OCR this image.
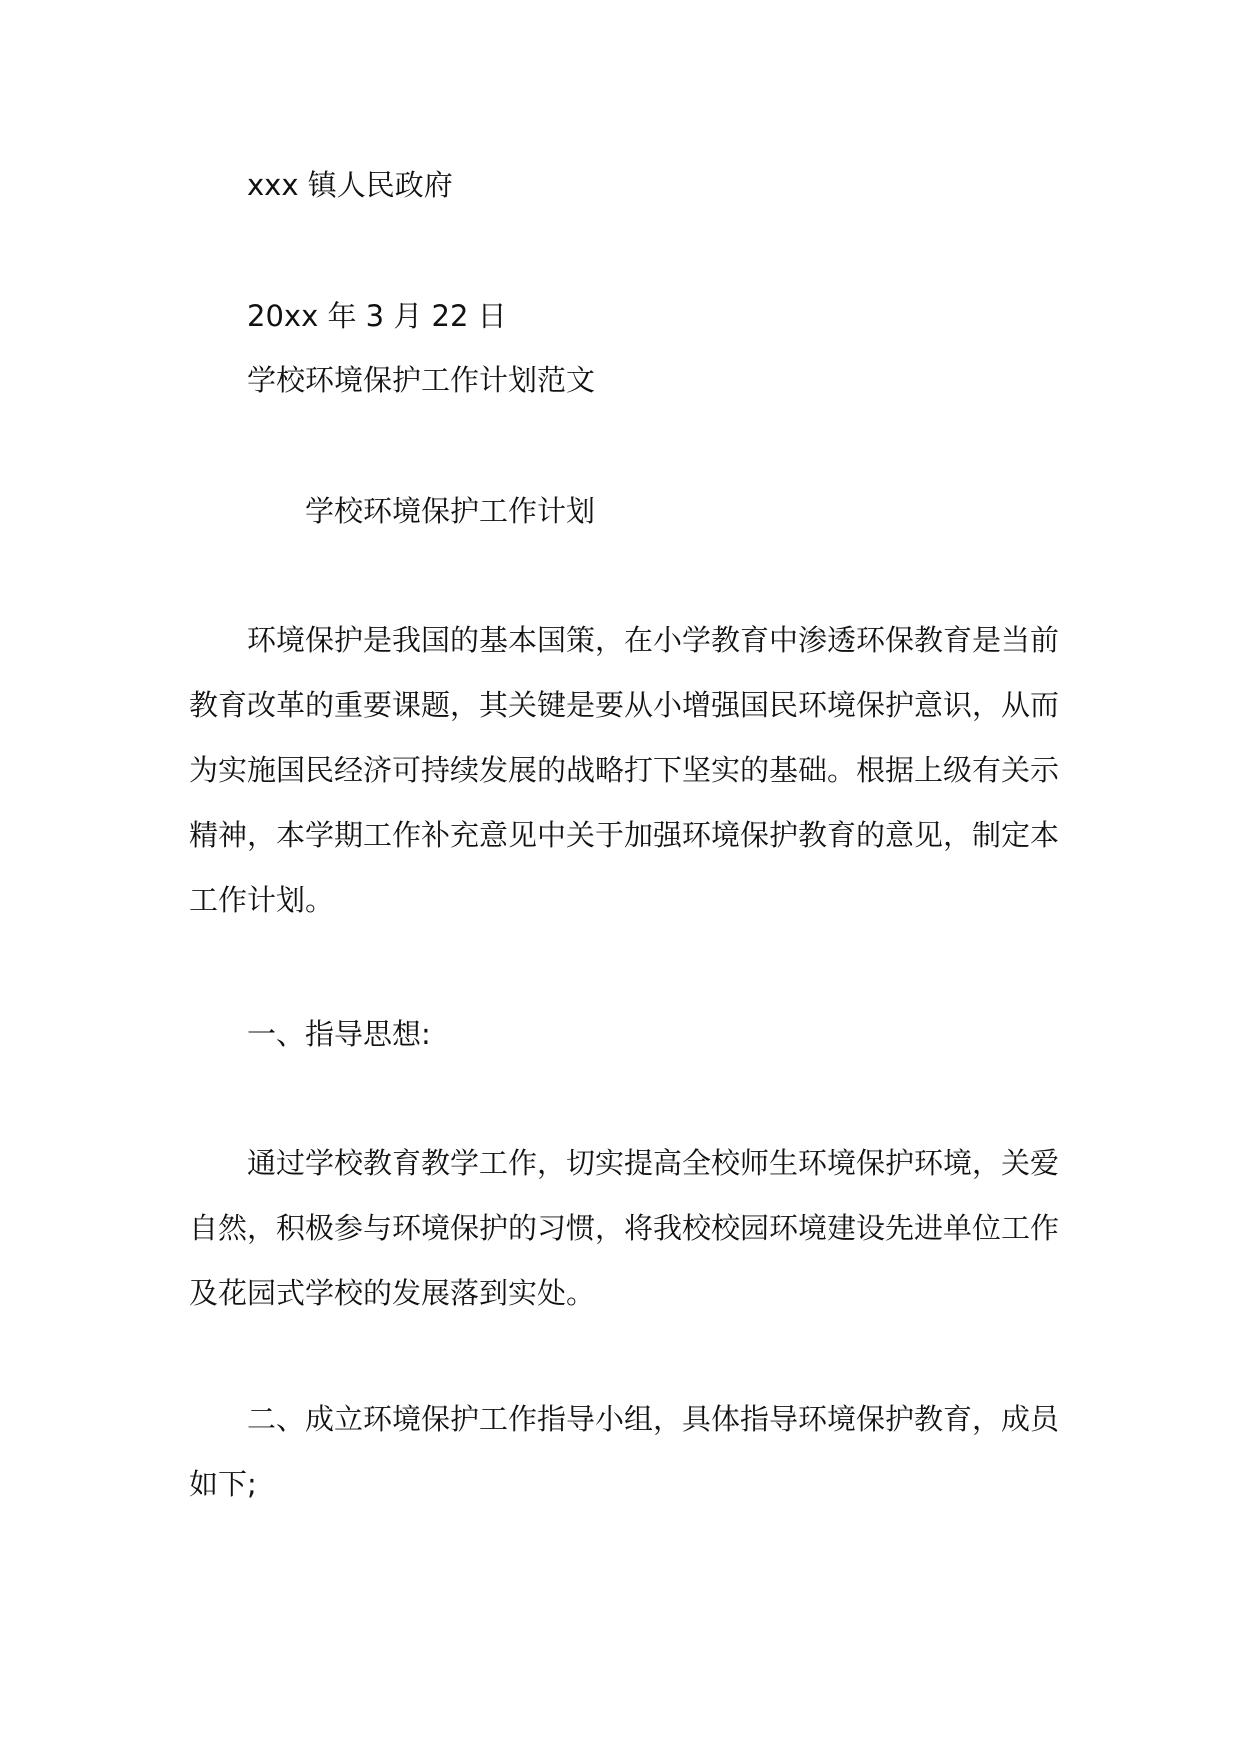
xxx 镇人民政府
20xx 年 3 月 22 日
学校环境保护工作计划范文
学校环境保护工作计划
环境保护是我国的基本国策，在小学教育中渗透环保教育是当前教育改革的重要课题，其关键是要从小增强国民环境保护意识，从而为实施国民经济可持续发展的战略打下坚实的基础。根据上级有关示精神，本学期工作补充意见中关于加强环境保护教育的意见，制定本工作计划。
一、指导思想:
通过学校教育教学工作，切实提高全校师生环境保护环境，关爱自然，积极参与环境保护的习惯，将我校校园环境建设先进单位工作及花园式学校的发展落到实处。
二、成立环境保护工作指导小组，具体指导环境保护教育，成员如下;
